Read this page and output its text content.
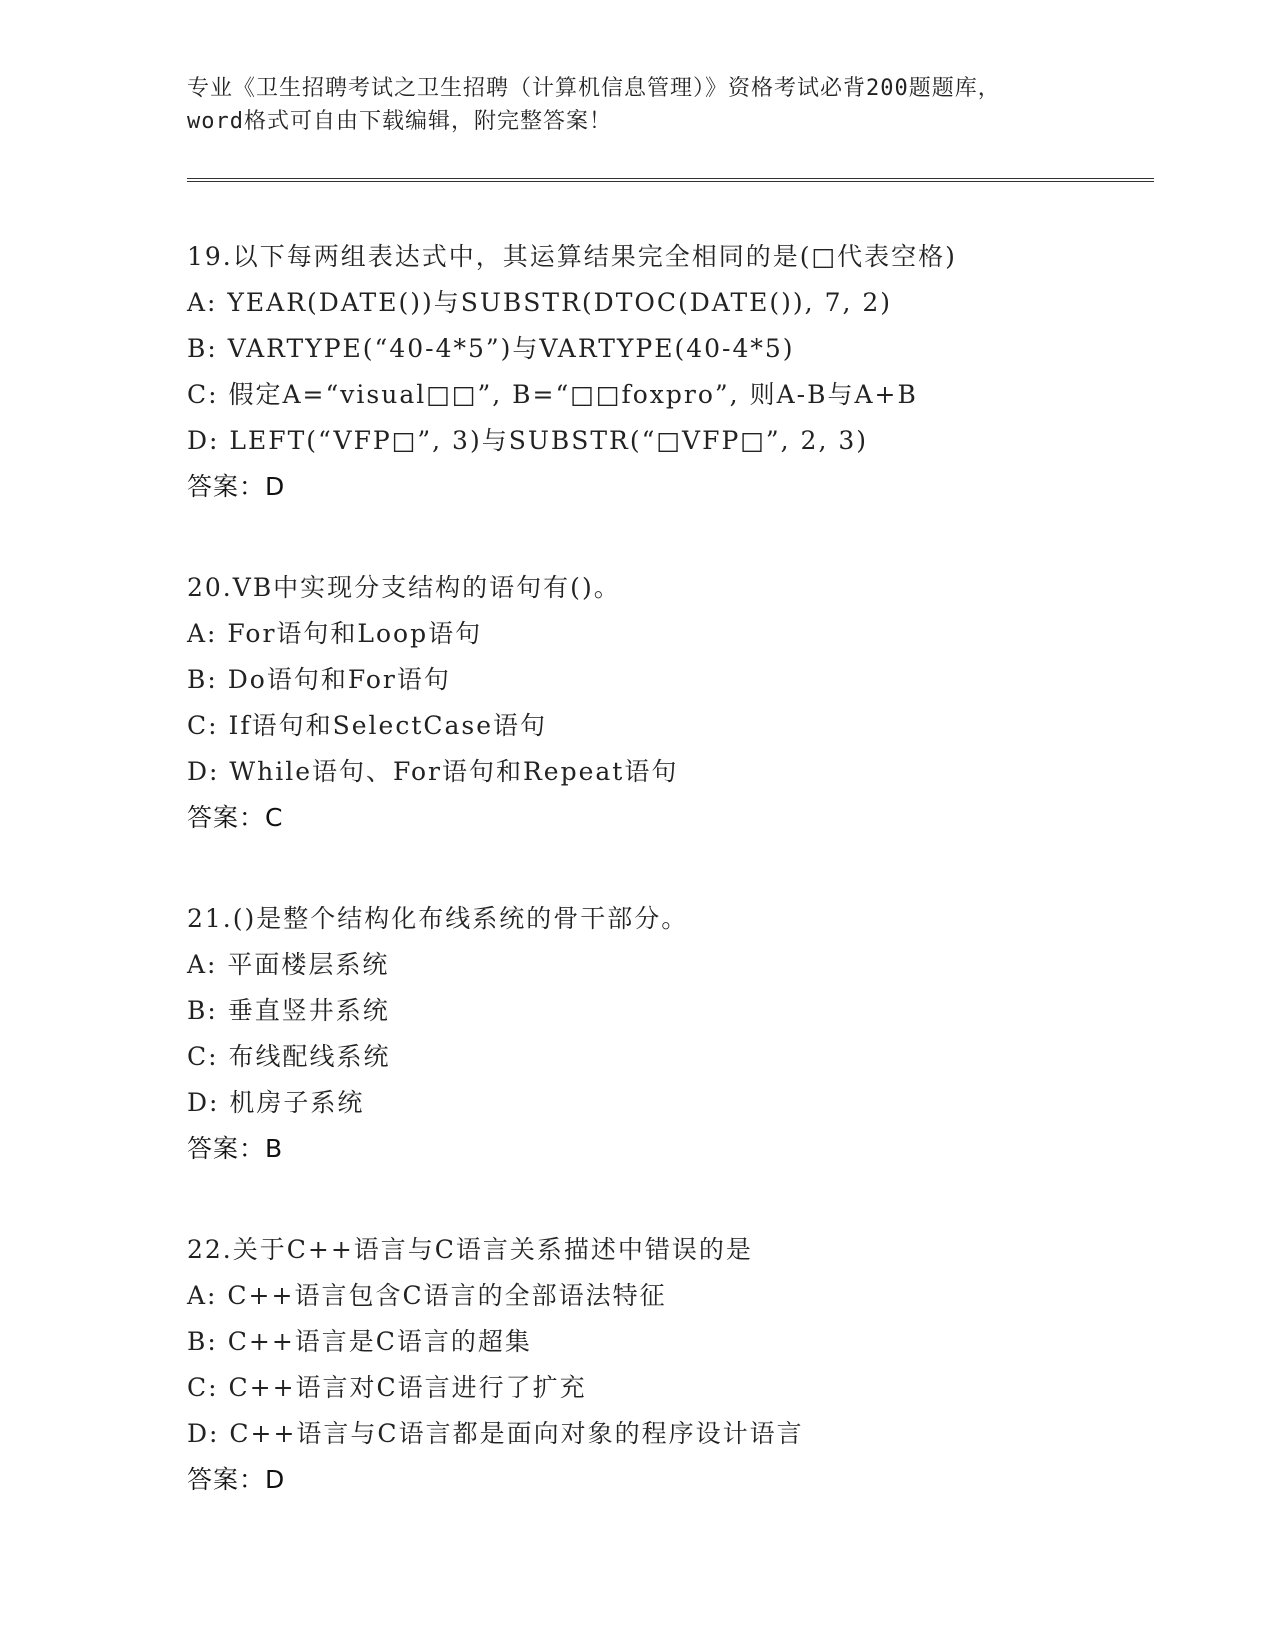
专业《卫生招聘考试之卫生招聘（计算机信息管理）》资格考试必背200题题库，
word格式可自由下载编辑，附完整答案！
19.以下每两组表达式中，其运算结果完全相同的是(□代表空格)
A: YEAR(DATE())与SUBSTR(DTOC(DATE()), 7, 2)
B: VARTYPE(“40-4*5”)与VARTYPE(40-4*5)
C: 假定A=“visual□□”, B=“□□foxpro”, 则A-B与A+B
D: LEFT(“VFP□”, 3)与SUBSTR(“□VFP□”, 2, 3)
答案：D
20.VB中实现分支结构的语句有()。
A: For语句和Loop语句
B: Do语句和For语句
C: If语句和SelectCase语句
D: While语句、For语句和Repeat语句
答案：C
21.()是整个结构化布线系统的骨干部分。
A: 平面楼层系统
B: 垂直竖井系统
C: 布线配线系统
D: 机房子系统
答案：B
22.关于C++语言与C语言关系描述中错误的是
A: C++语言包含C语言的全部语法特征
B: C++语言是C语言的超集
C: C++语言对C语言进行了扩充
D: C++语言与C语言都是面向对象的程序设计语言
答案：D
